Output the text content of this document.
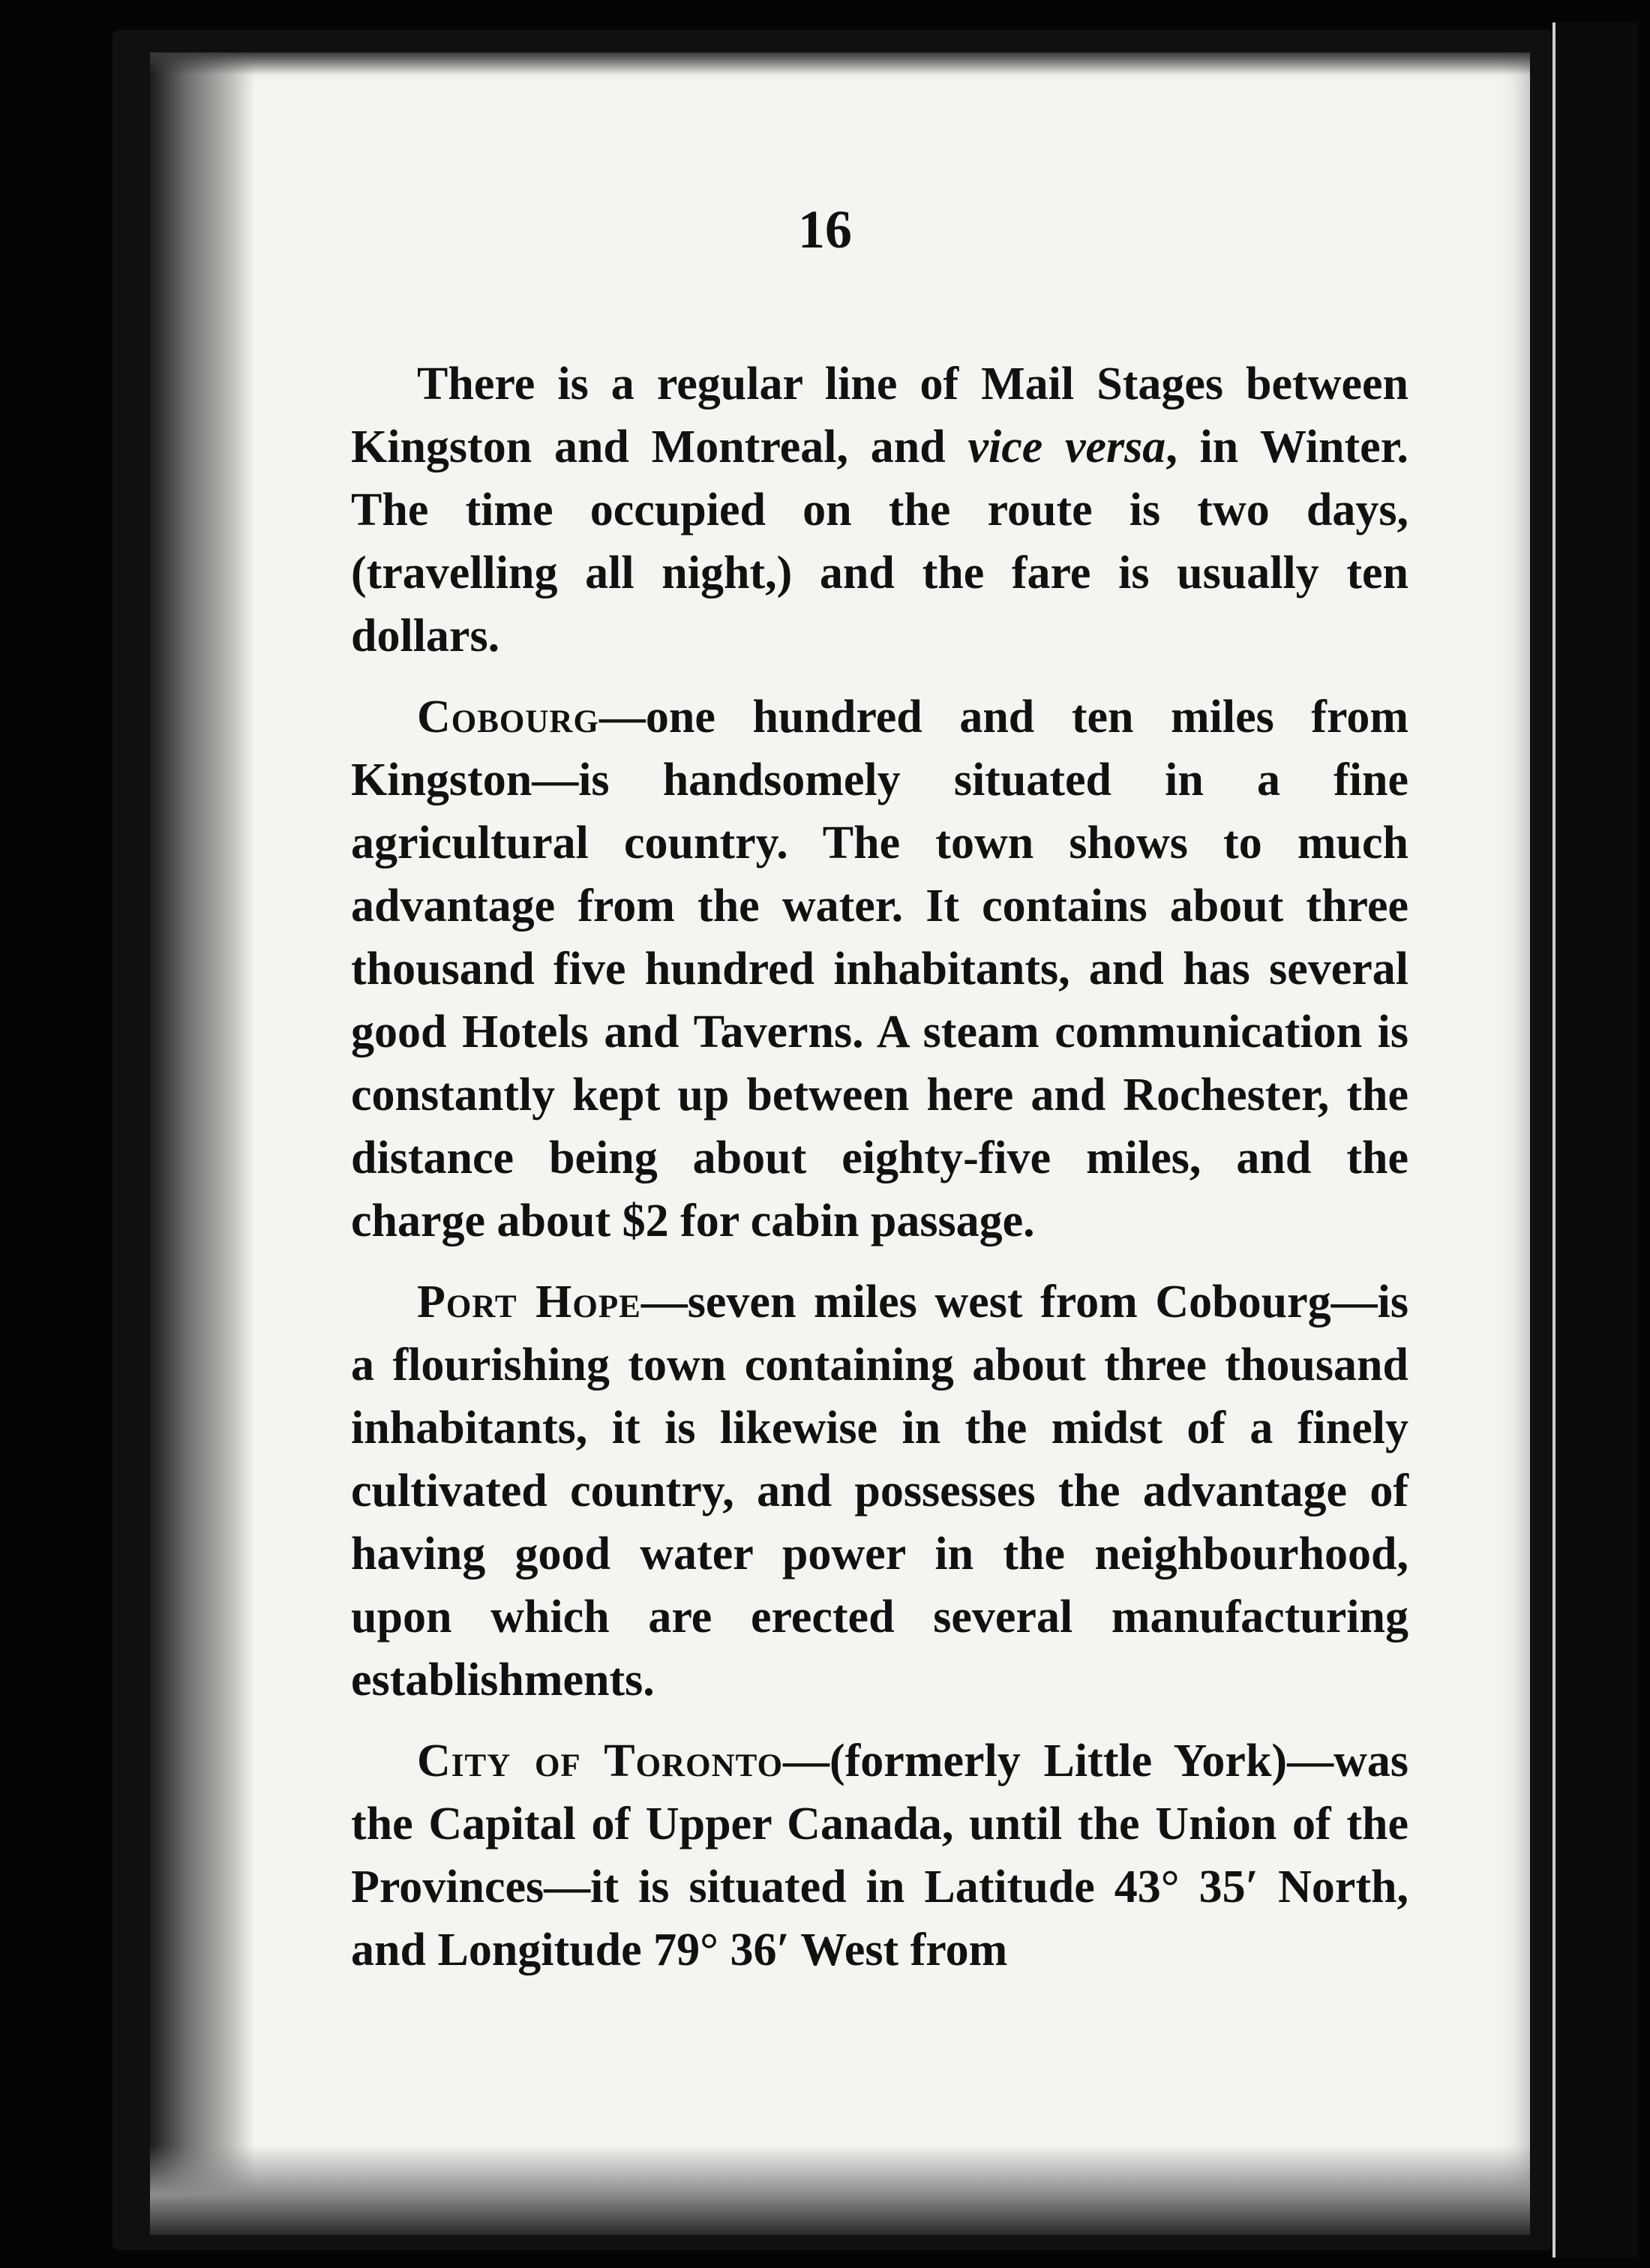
16

There is a regular line of Mail Stages between Kingston and Montreal, and vice versa, in Winter. The time occupied on the route is two days, (travelling all night,) and the fare is usually ten dollars.

Cobourg—one hundred and ten miles from Kingston—is handsomely situated in a fine agricultural country. The town shows to much advantage from the water. It contains about three thousand five hundred inhabitants, and has several good Hotels and Taverns. A steam communication is constantly kept up between here and Rochester, the distance being about eighty-five miles, and the charge about $2 for cabin passage.

Port Hope—seven miles west from Cobourg—is a flourishing town containing about three thousand inhabitants, it is likewise in the midst of a finely cultivated country, and possesses the advantage of having good water power in the neighbourhood, upon which are erected several manufacturing establishments.

City of Toronto—(formerly Little York)—was the Capital of Upper Canada, until the Union of the Provinces—it is situated in Latitude 43° 35′ North, and Longitude 79° 36′ West from
